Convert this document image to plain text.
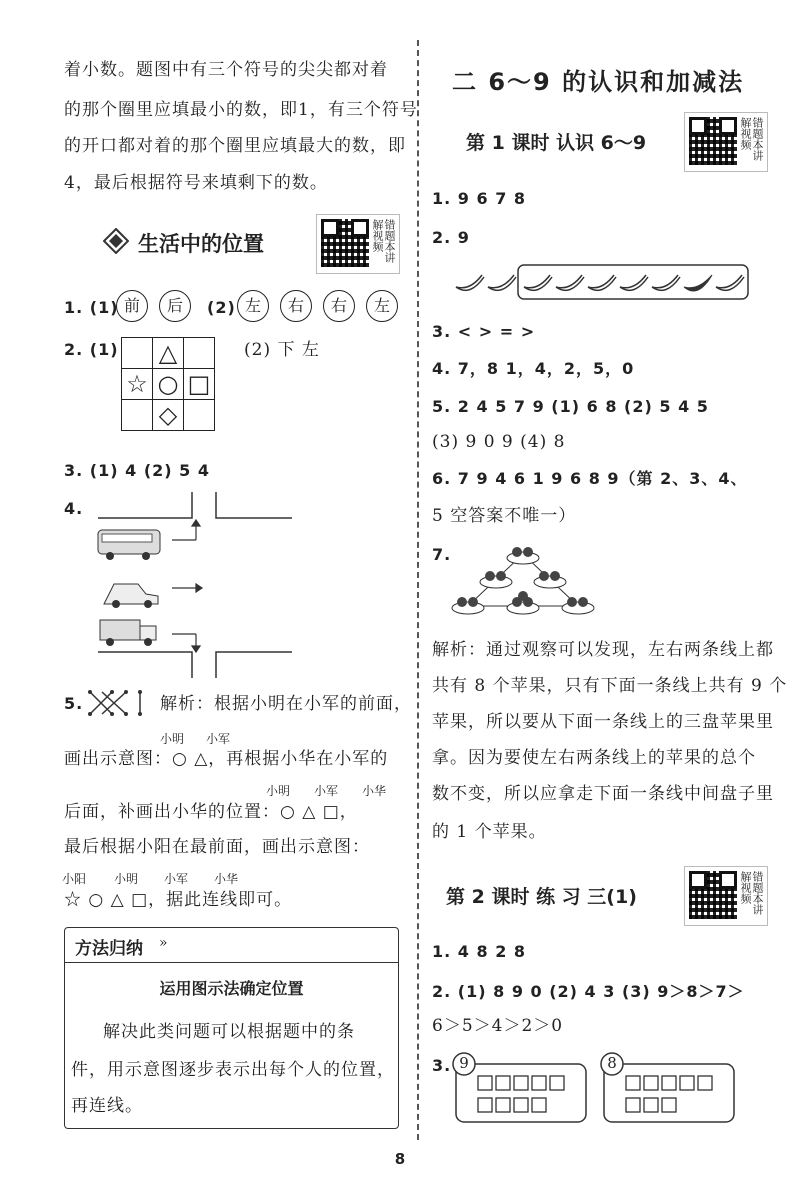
着小数。题图中有三个符号的尖尖都对着
的那个圈里应填最小的数，即1，有三个符号
的开口都对着的那个圈里应填最大的数，即
4，最后根据符号来填剩下的数。
生活中的位置	错题本讲解视频
1. (1) 前	后	(2) 左	右	右	左
2. (1)
	△	
☆	○	□
	◇	
(2) 下 左
3. (1) 4 (2) 5 4
4.
5.	解析：根据小明在小军的前面，
小明 小军
画出示意图：○ △，再根据小华在小军的
小明 小军 小华
后面，补画出小华的位置：○ △ □，
最后根据小阳在最前面，画出示意图：
小阳 小明 小军 小华
☆ ○ △ □，据此连线即可。
方法归纳 »
运用图示法确定位置
解决此类问题可以根据题中的条
件，用示意图逐步表示出每个人的位置，
再连线。
二 6～9 的认识和加减法
第 1 课时 认识 6～9	错题本讲解视频
1. 9 6 7 8
2. 9
3. < > = >
4. 7，8 1，4，2，5，0
5. 2 4 5 7 9 (1) 6 8 (2) 5 4 5
(3) 9 0 9 (4) 8
6. 7 9 4 6 1 9 6 8 9（第 2、3、4、
5 空答案不唯一）
7.
解析：通过观察可以发现，左右两条线上都
共有 8 个苹果，只有下面一条线上共有 9 个
苹果，所以要从下面一条线上的三盘苹果里
拿。因为要使左右两条线上的苹果的总个
数不变，所以应拿走下面一条线中间盘子里
的 1 个苹果。
第 2 课时 练 习 三(1)	错题本讲解视频
1. 4 8 2 8
2. (1) 8 9 0 (2) 4 3 (3) 9＞8＞7＞
6＞5＞4＞2＞0
3. 9	8
8
